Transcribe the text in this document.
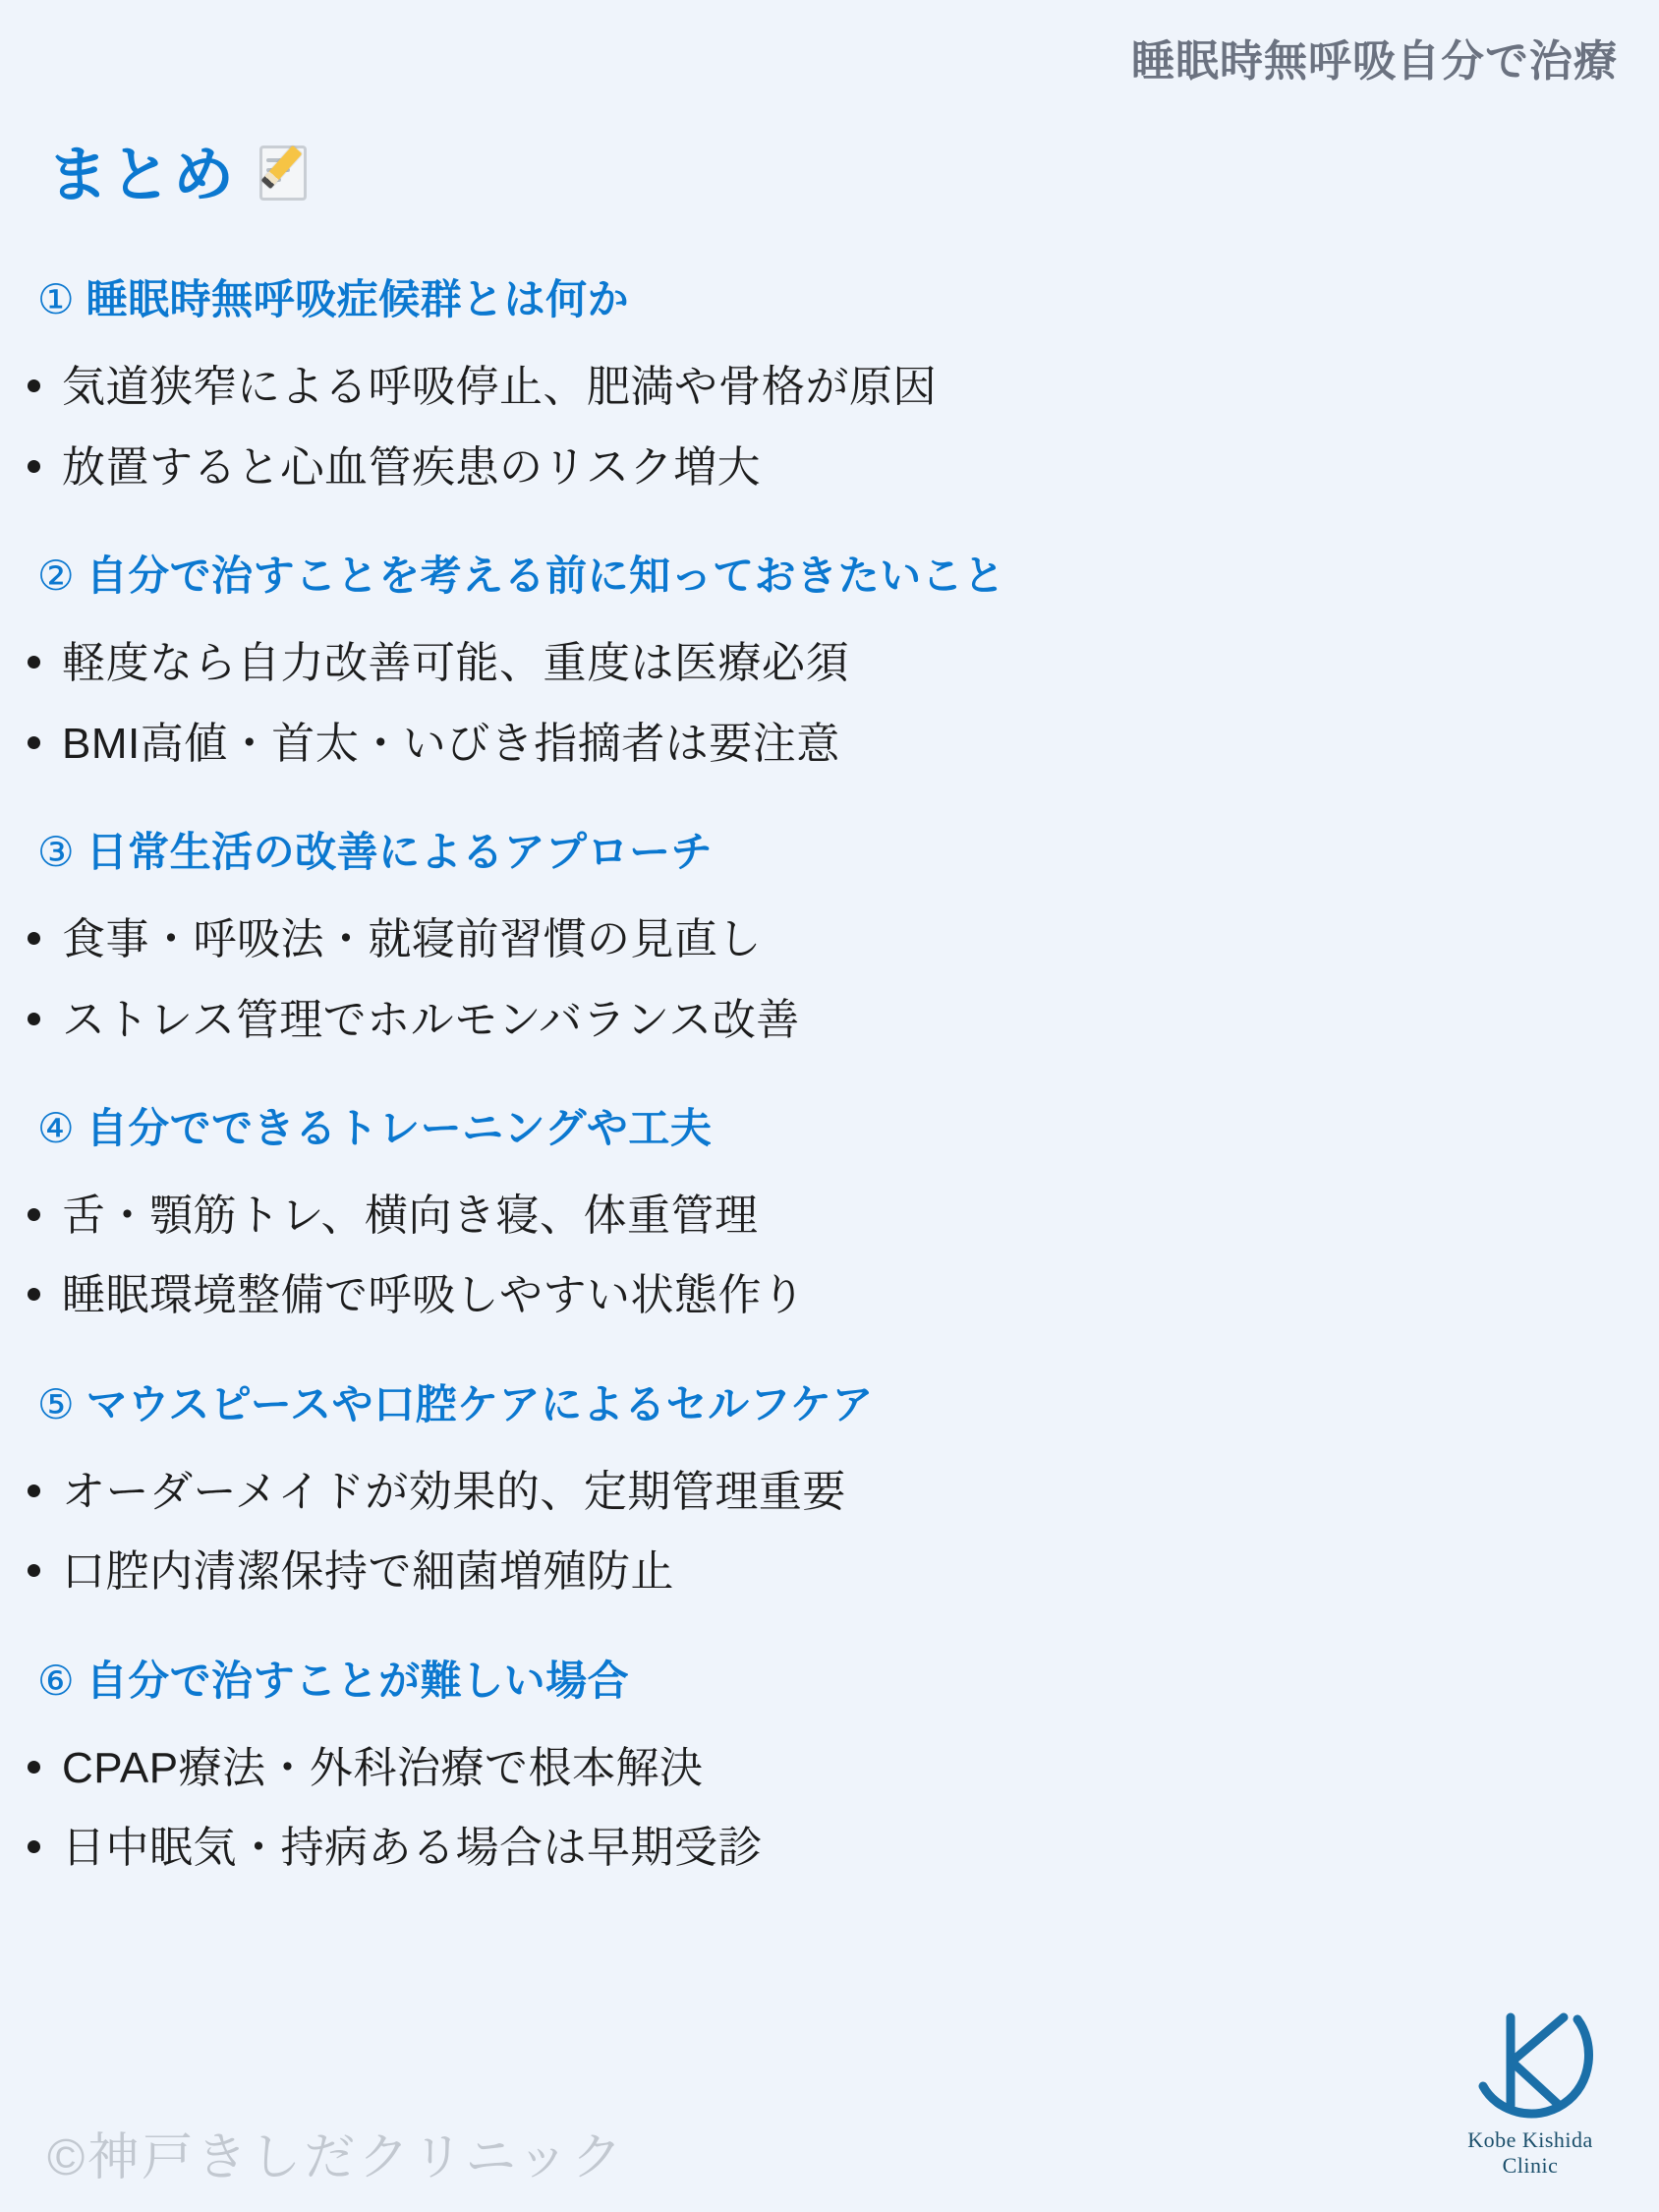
睡眠時無呼吸自分で治療
まとめ
① 睡眠時無呼吸症候群とは何か
気道狭窄による呼吸停止、肥満や骨格が原因
放置すると心血管疾患のリスク増大
② 自分で治すことを考える前に知っておきたいこと
軽度なら自力改善可能、重度は医療必須
BMI高値・首太・いびき指摘者は要注意
③ 日常生活の改善によるアプローチ
食事・呼吸法・就寝前習慣の見直し
ストレス管理でホルモンバランス改善
④ 自分でできるトレーニングや工夫
舌・顎筋トレ、横向き寝、体重管理
睡眠環境整備で呼吸しやすい状態作り
⑤ マウスピースや口腔ケアによるセルフケア
オーダーメイドが効果的、定期管理重要
口腔内清潔保持で細菌増殖防止
⑥ 自分で治すことが難しい場合
CPAP療法・外科治療で根本解決
日中眠気・持病ある場合は早期受診
©神戸きしだクリニック	Kobe Kishida Clinic
